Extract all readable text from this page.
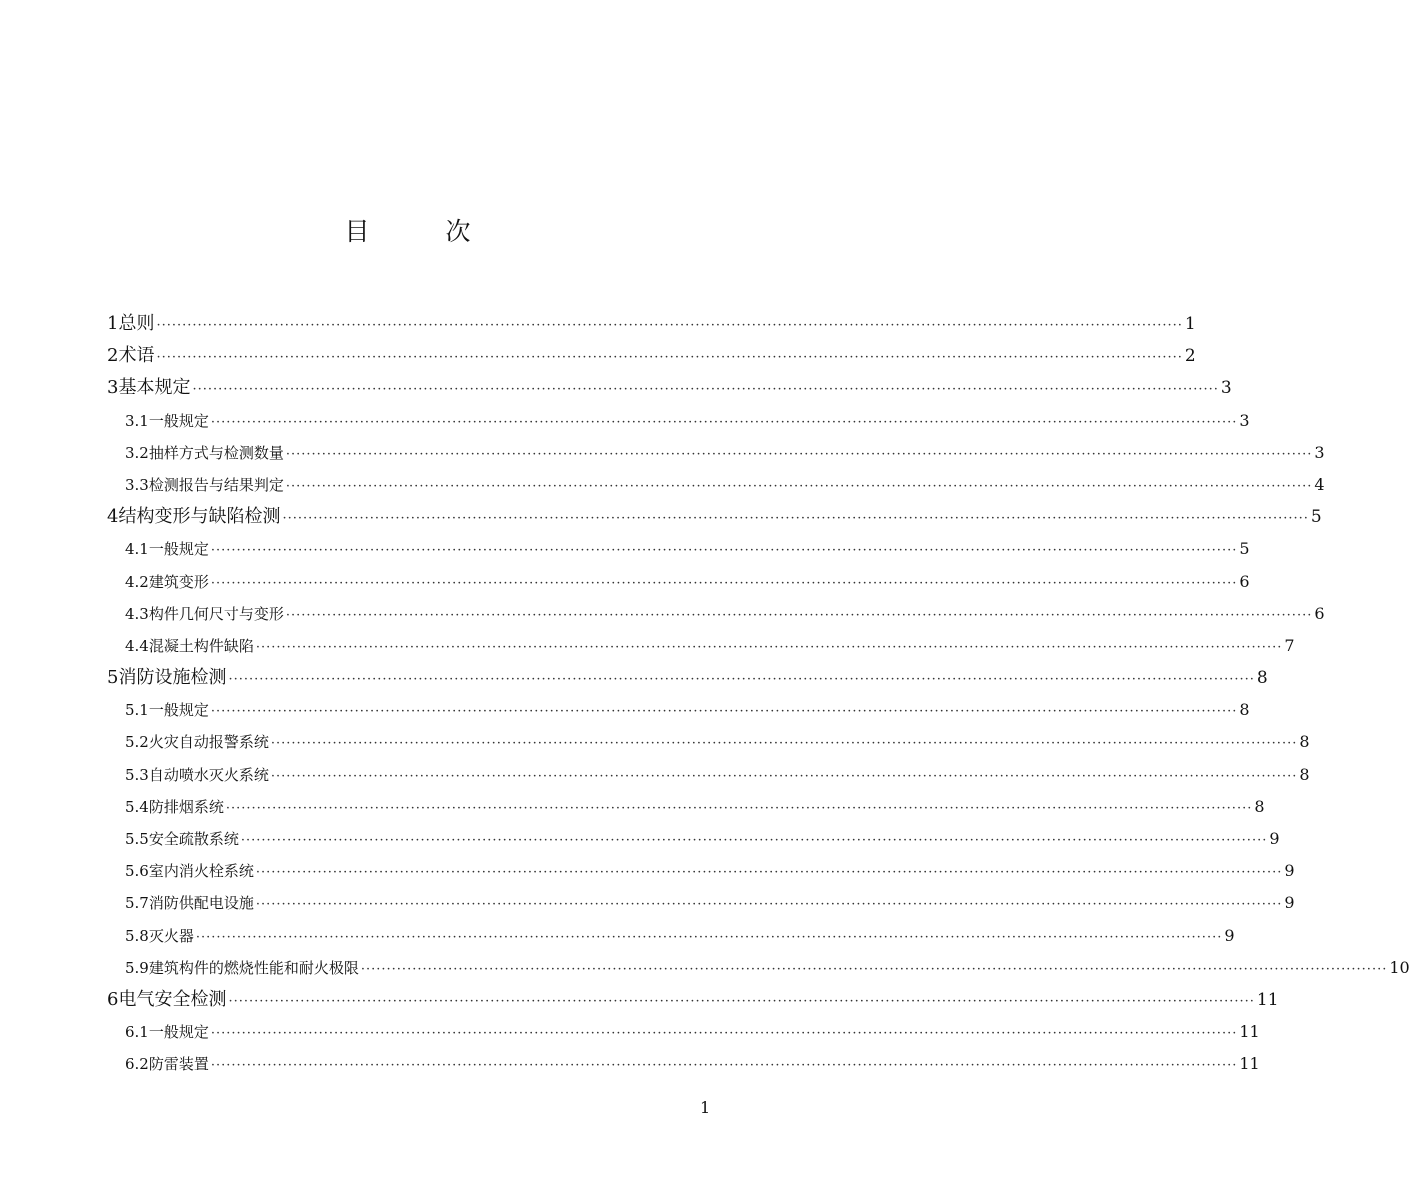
目 次
1 总则 ········································································································································································································ 1
2 术语 ········································································································································································································ 2
3 基本规定 ········································································································································································································ 3
3.1 一般规定 ········································································································································································································ 3
3.2 抽样方式与检测数量 ········································································································································································································ 3
3.3 检测报告与结果判定 ········································································································································································································ 4
4 结构变形与缺陷检测 ········································································································································································································ 5
4.1 一般规定 ········································································································································································································ 5
4.2 建筑变形 ········································································································································································································ 6
4.3 构件几何尺寸与变形 ········································································································································································································ 6
4.4 混凝土构件缺陷 ········································································································································································································ 7
5 消防设施检测 ········································································································································································································ 8
5.1 一般规定 ········································································································································································································ 8
5.2 火灾自动报警系统 ········································································································································································································ 8
5.3 自动喷水灭火系统 ········································································································································································································ 8
5.4 防排烟系统 ········································································································································································································ 8
5.5 安全疏散系统 ········································································································································································································ 9
5.6 室内消火栓系统 ········································································································································································································ 9
5.7 消防供配电设施 ········································································································································································································ 9
5.8 灭火器 ········································································································································································································ 9
5.9 建筑构件的燃烧性能和耐火极限 ········································································································································································································ 10
6 电气安全检测 ········································································································································································································ 11
6.1 一般规定 ········································································································································································································ 11
6.2 防雷装置 ········································································································································································································ 11
1
